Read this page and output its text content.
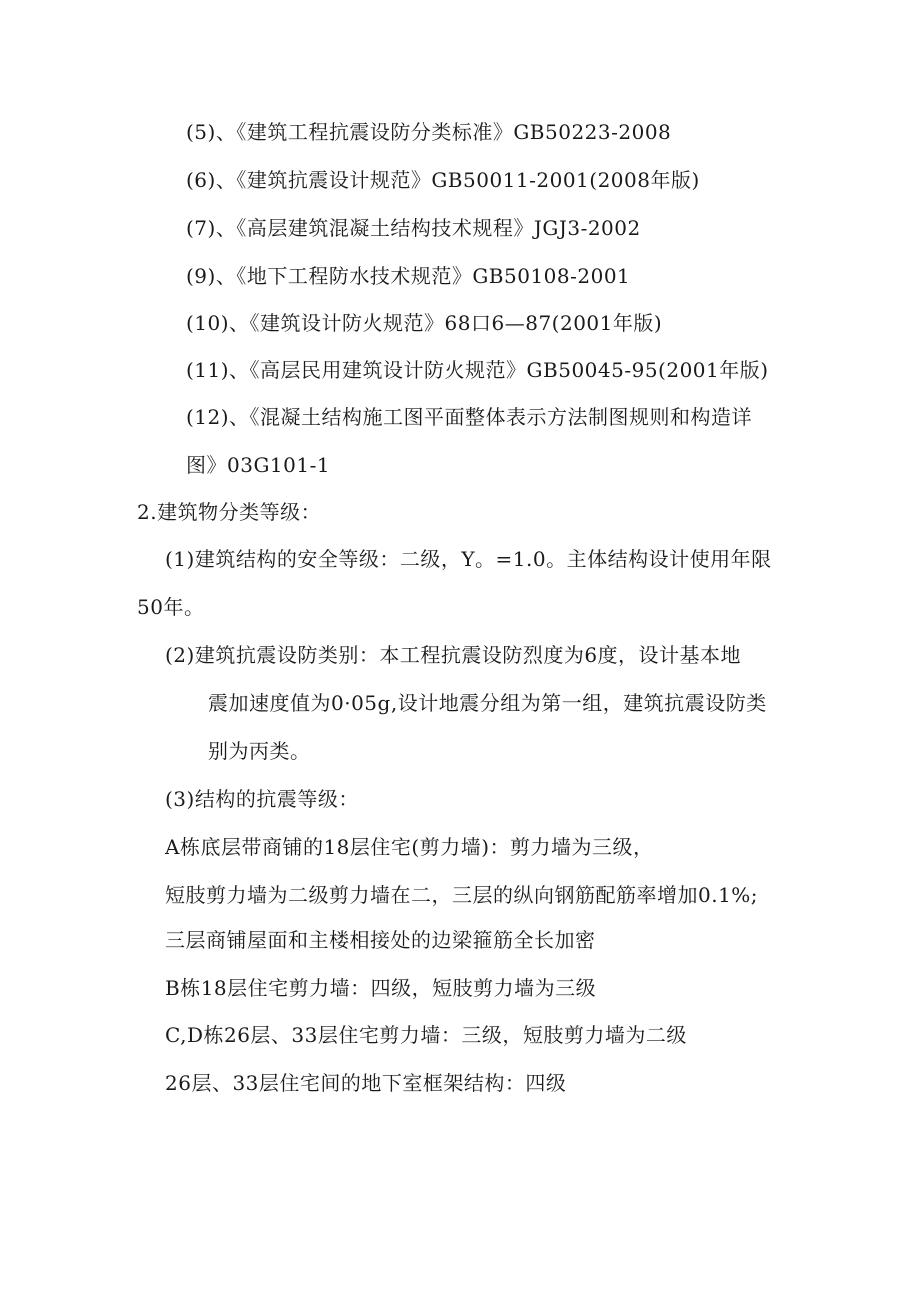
(5)、《建筑工程抗震设防分类标准》GB50223-2008
(6)、《建筑抗震设计规范》GB50011-2001(2008年版)
(7)、《高层建筑混凝土结构技术规程》JGJ3-2002
(9)、《地下工程防水技术规范》GB50108-2001
(10)、《建筑设计防火规范》68口6—87(2001年版)
(11)、《高层民用建筑设计防火规范》GB50045-95(2001年版)
(12)、《混凝土结构施工图平面整体表示方法制图规则和构造详
图》03G101-1
2.建筑物分类等级：
(1)建筑结构的安全等级：二级，Y。=1.0。主体结构设计使用年限
50年。
(2)建筑抗震设防类别：本工程抗震设防烈度为6度，设计基本地
震加速度值为0·05g,设计地震分组为第一组，建筑抗震设防类
别为丙类。
(3)结构的抗震等级：
A栋底层带商铺的18层住宅(剪力墙)：剪力墙为三级，
短肢剪力墙为二级剪力墙在二，三层的纵向钢筋配筋率增加0.1%;
三层商铺屋面和主楼相接处的边梁箍筋全长加密
B栋18层住宅剪力墙：四级，短肢剪力墙为三级
C,D栋26层、33层住宅剪力墙：三级，短肢剪力墙为二级
26层、33层住宅间的地下室框架结构：四级
